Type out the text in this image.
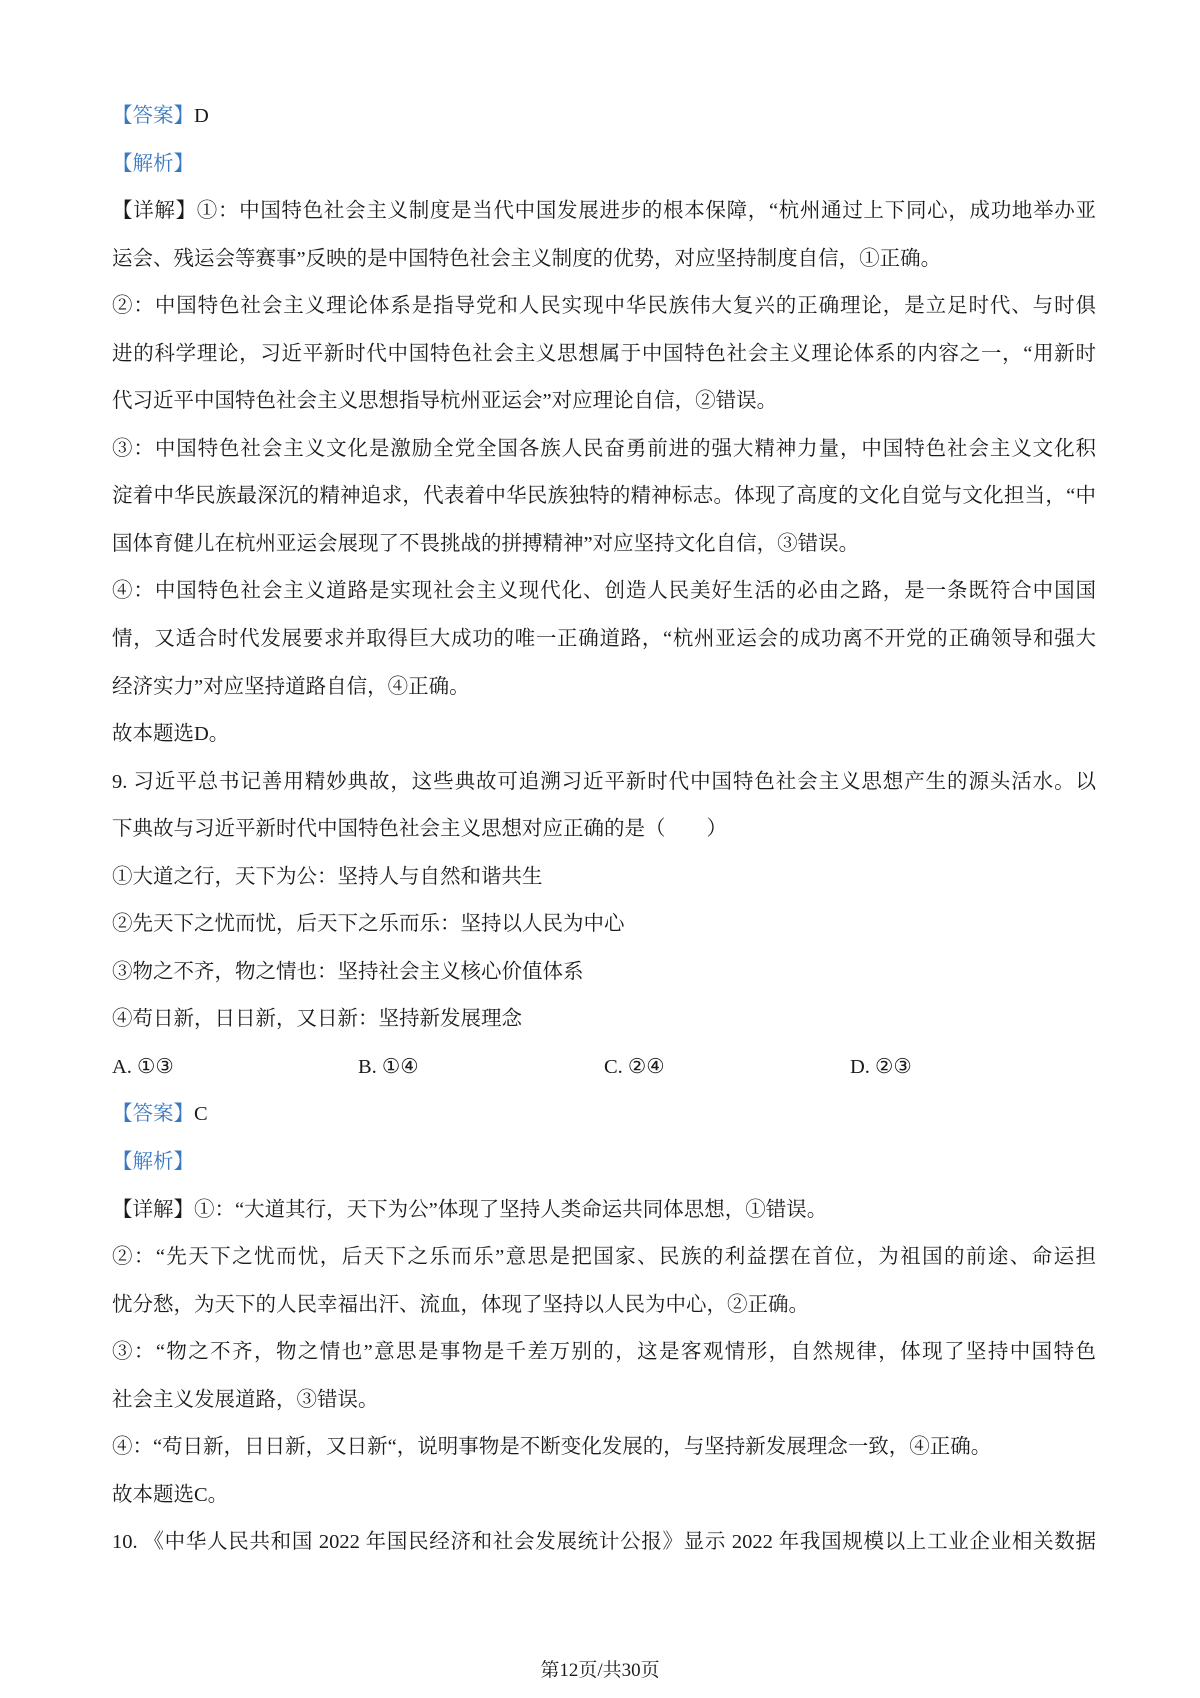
【答案】D
【解析】
【详解】①：中国特色社会主义制度是当代中国发展进步的根本保障，“杭州通过上下同心，成功地举办亚
运会、残运会等赛事”反映的是中国特色社会主义制度的优势，对应坚持制度自信，①正确。
②：中国特色社会主义理论体系是指导党和人民实现中华民族伟大复兴的正确理论，是立足时代、与时俱
进的科学理论，习近平新时代中国特色社会主义思想属于中国特色社会主义理论体系的内容之一，“用新时
代习近平中国特色社会主义思想指导杭州亚运会”对应理论自信，②错误。
③：中国特色社会主义文化是激励全党全国各族人民奋勇前进的强大精神力量，中国特色社会主义文化积
淀着中华民族最深沉的精神追求，代表着中华民族独特的精神标志。体现了高度的文化自觉与文化担当，“中
国体育健儿在杭州亚运会展现了不畏挑战的拼搏精神”对应坚持文化自信，③错误。
④：中国特色社会主义道路是实现社会主义现代化、创造人民美好生活的必由之路，是一条既符合中国国
情，又适合时代发展要求并取得巨大成功的唯一正确道路，“杭州亚运会的成功离不开党的正确领导和强大
经济实力”对应坚持道路自信，④正确。
故本题选D。
9. 习近平总书记善用精妙典故，这些典故可追溯习近平新时代中国特色社会主义思想产生的源头活水。以
下典故与习近平新时代中国特色社会主义思想对应正确的是（　　）
①大道之行，天下为公：坚持人与自然和谐共生
②先天下之忧而忧，后天下之乐而乐：坚持以人民为中心
③物之不齐，物之情也：坚持社会主义核心价值体系
④苟日新，日日新，又日新：坚持新发展理念
A. ①③	B. ①④	C. ②④	D. ②③
【答案】C
【解析】
【详解】①：“大道其行，天下为公”体现了坚持人类命运共同体思想，①错误。
②：“先天下之忧而忧，后天下之乐而乐”意思是把国家、民族的利益摆在首位，为祖国的前途、命运担
忧分愁，为天下的人民幸福出汗、流血，体现了坚持以人民为中心，②正确。
③：“物之不齐，物之情也”意思是事物是千差万别的，这是客观情形，自然规律，体现了坚持中国特色
社会主义发展道路，③错误。
④：“苟日新，日日新，又日新“，说明事物是不断变化发展的，与坚持新发展理念一致，④正确。
故本题选C。
10. 《中华人民共和国 2022 年国民经济和社会发展统计公报》显示 2022 年我国规模以上工业企业相关数据
第12页/共30页
